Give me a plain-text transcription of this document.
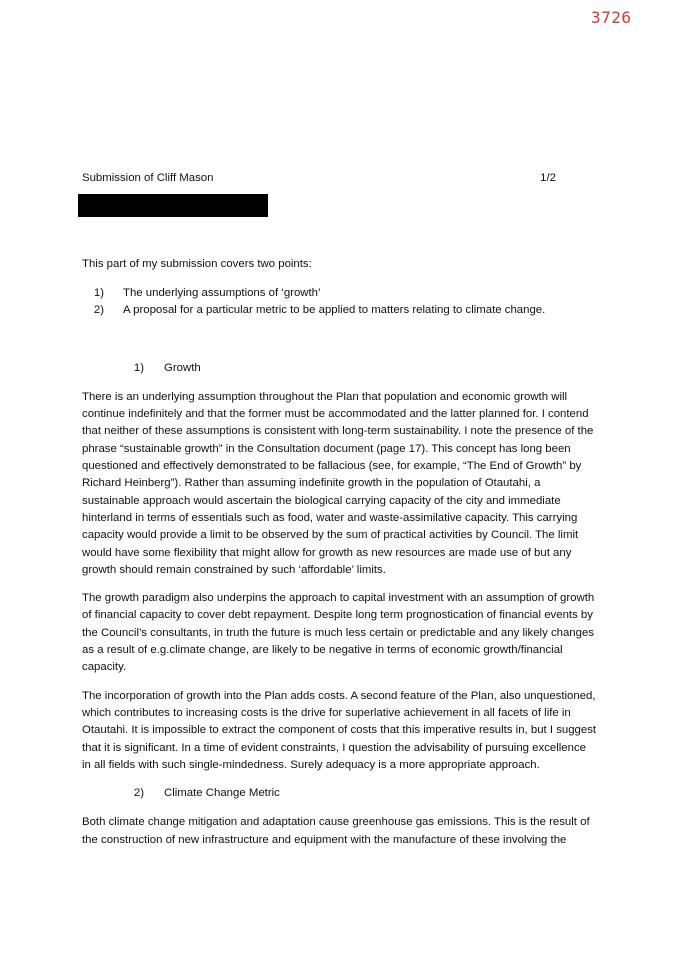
3726
Submission of Cliff Mason	1/2

This part of my submission covers two points:

1) The underlying assumptions of ‘growth’
2) A proposal for a particular metric to be applied to matters relating to climate change.
1) Growth

There is an underlying assumption throughout the Plan that population and economic growth will continue indefinitely and that the former must be accommodated and the latter planned for. I contend that neither of these assumptions is consistent with long-term sustainability. I note the presence of the phrase “sustainable growth” in the Consultation document (page 17). This concept has long been questioned and effectively demonstrated to be fallacious (see, for example, “The End of Growth” by Richard Heinberg”). Rather than assuming indefinite growth in the population of Otautahi, a sustainable approach would ascertain the biological carrying capacity of the city and immediate hinterland in terms of essentials such as food, water and waste-assimilative capacity. This carrying capacity would provide a limit to be observed by the sum of practical activities by Council. The limit would have some flexibility that might allow for growth as new resources are made use of but any growth should remain constrained by such ‘affordable’ limits.

The growth paradigm also underpins the approach to capital investment with an assumption of growth of financial capacity to cover debt repayment. Despite long term prognostication of financial events by the Council’s consultants, in truth the future is much less certain or predictable and any likely changes as a result of e.g.climate change, are likely to be negative in terms of economic growth/financial capacity.

The incorporation of growth into the Plan adds costs. A second feature of the Plan, also unquestioned, which contributes to increasing costs is the drive for superlative achievement in all facets of life in Otautahi. It is impossible to extract the component of costs that this imperative results in, but I suggest that it is significant. In a time of evident constraints, I question the advisability of pursuing excellence in all fields with such single-mindedness. Surely adequacy is a more appropriate approach.

2) Climate Change Metric

Both climate change mitigation and adaptation cause greenhouse gas emissions. This is the result of the construction of new infrastructure and equipment with the manufacture of these involving the
